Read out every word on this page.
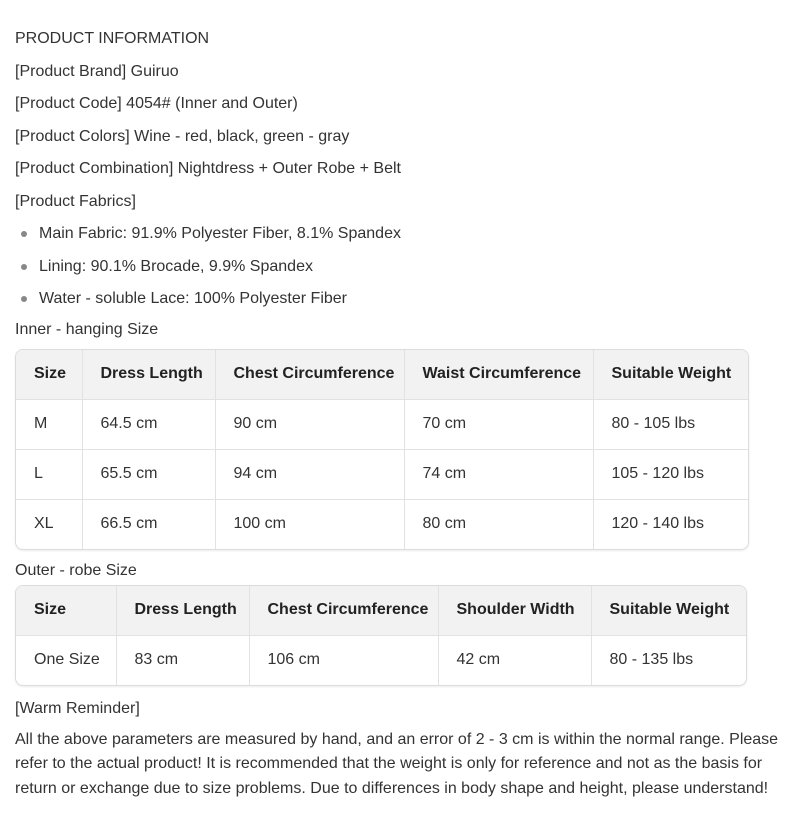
PRODUCT INFORMATION
[Product Brand] Guiruo
[Product Code] 4054# (Inner and Outer)
[Product Colors] Wine - red, black, green - gray
[Product Combination] Nightdress + Outer Robe + Belt
[Product Fabrics]
Main Fabric: 91.9% Polyester Fiber, 8.1% Spandex
Lining: 90.1% Brocade, 9.9% Spandex
Water - soluble Lace: 100% Polyester Fiber
Inner - hanging Size
Size	Dress Length	Chest Circumference	Waist Circumference	Suitable Weight
M	64.5 cm	90 cm	70 cm	80 - 105 lbs
L	65.5 cm	94 cm	74 cm	105 - 120 lbs
XL	66.5 cm	100 cm	80 cm	120 - 140 lbs
Outer - robe Size
Size	Dress Length	Chest Circumference	Shoulder Width	Suitable Weight
One Size	83 cm	106 cm	42 cm	80 - 135 lbs
[Warm Reminder]
All the above parameters are measured by hand, and an error of 2 - 3 cm is within the normal range. Please refer to the actual product! It is recommended that the weight is only for reference and not as the basis for return or exchange due to size problems. Due to differences in body shape and height, please understand!
